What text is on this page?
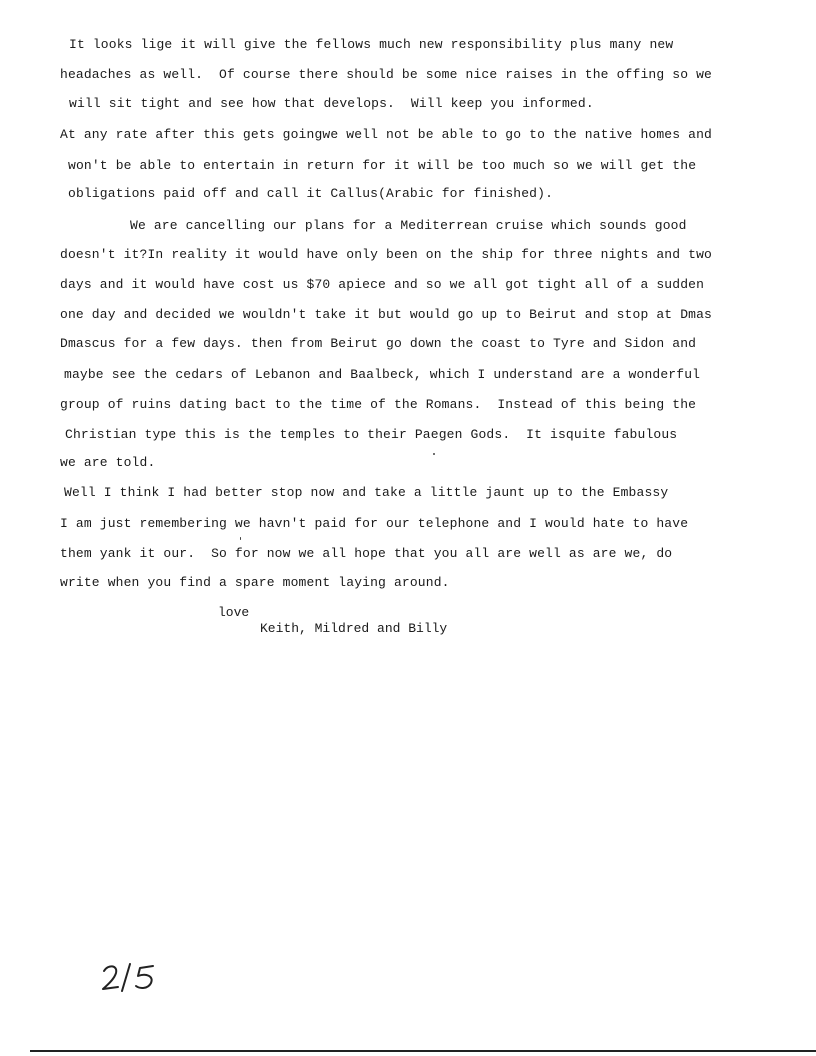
It looks lige it will give the fellows much new responsibility plus many new
headaches as well.  Of course there should be some nice raises in the offing so we
will sit tight and see how that develops.  Will keep you informed.
At any rate after this gets goingwe well not be able to go to the native homes and
won't be able to entertain in return for it will be too much so we will get the
obligations paid off and call it Callus(Arabic for finished).
We are cancelling our plans for a Mediterrean cruise which sounds good
doesn't it?In reality it would have only been on the ship for three nights and two
days and it would have cost us $70 apiece and so we all got tight all of a sudden
one day and decided we wouldn't take it but would go up to Beirut and stop at Dmas
Dmascus for a few days. then from Beirut go down the coast to Tyre and Sidon and
maybe see the cedars of Lebanon and Baalbeck, which I understand are a wonderful
group of ruins dating bact to the time of the Romans.  Instead of this being the
Christian type this is the temples to their Paegen Gods.  It isquite fabulous
we are told.
Well I think I had better stop now and take a little jaunt up to the Embassy
I am just remembering we havn't paid for our telephone and I would hate to have
them yank it our.  So for now we all hope that you all are well as are we, do
write when you find a spare moment laying around.
love
Keith, Mildred and Billy
